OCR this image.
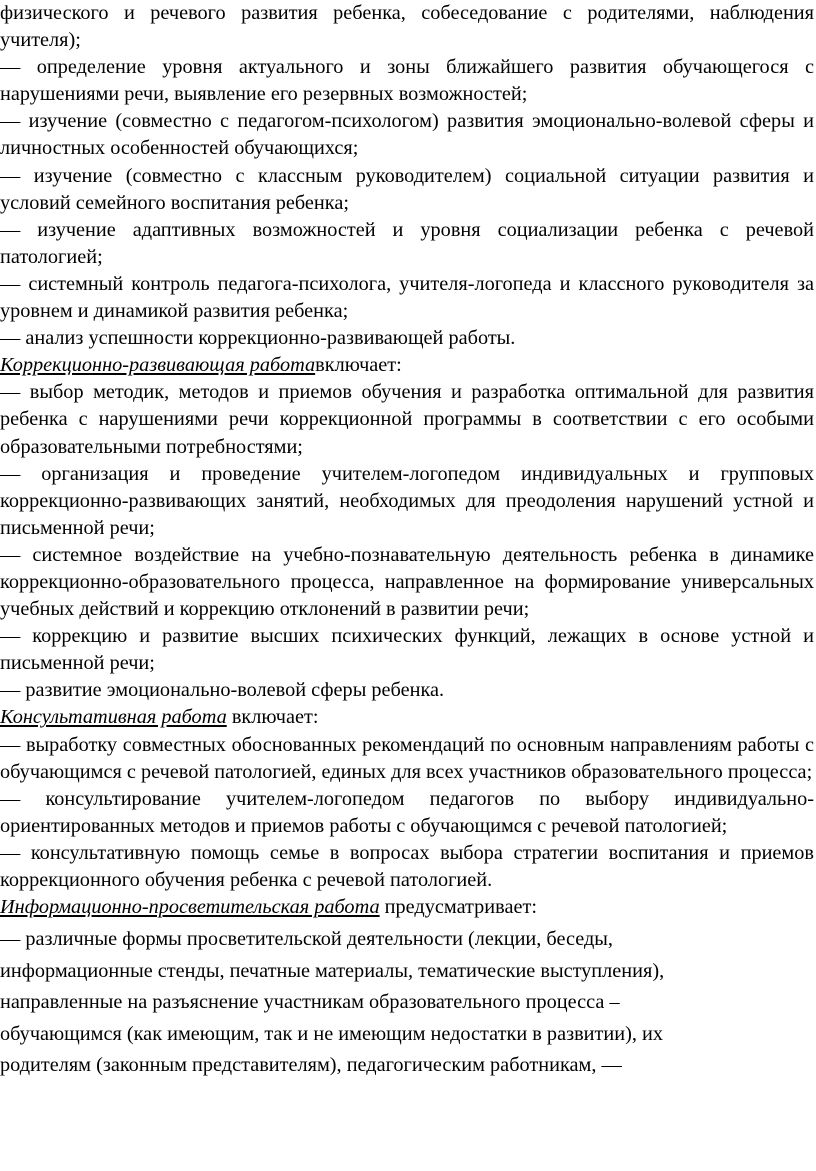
физического и речевого развития ребенка, собеседование с родителями, наблюдения учителя);

— определение уровня актуального и зоны ближайшего развития обучающегося с нарушениями речи, выявление его резервных возможностей;

— изучение (совместно с педагогом-психологом) развития эмоционально-волевой сферы и личностных особенностей обучающихся;

— изучение (совместно с классным руководителем) социальной ситуации развития и условий семейного воспитания ребенка;

— изучение адаптивных возможностей и уровня социализации ребенка с речевой патологией;

— системный контроль педагога-психолога, учителя-логопеда и классного руководителя за уровнем и динамикой развития ребенка;

— анализ успешности коррекционно-развивающей работы.

Коррекционно-развивающая работавключает:

— выбор методик, методов и приемов обучения и разработка оптимальной для развития ребенка с нарушениями речи коррекционной программы в соответствии с его особыми образовательными потребностями;

— организация и проведение учителем-логопедом индивидуальных и групповых коррекционно-развивающих занятий, необходимых для преодоления нарушений устной и письменной речи;

— системное воздействие на учебно-познавательную деятельность ребенка в динамике коррекционно-образовательного процесса, направленное на формирование универсальных учебных действий и коррекцию отклонений в развитии речи;

— коррекцию и развитие высших психических функций, лежащих в основе устной и письменной речи;

— развитие эмоционально-волевой сферы ребенка.

Консультативная работа включает:

— выработку совместных обоснованных рекомендаций по основным направлениям работы с обучающимся с речевой патологией, единых для всех участников образовательного процесса;

— консультирование учителем-логопедом педагогов по выбору индивидуально-ориентированных методов и приемов работы с обучающимся с речевой патологией;

— консультативную помощь семье в вопросах выбора стратегии воспитания и приемов коррекционного обучения ребенка с речевой патологией.

Информационно-просветительская работа предусматривает:

— различные формы просветительской деятельности (лекции, беседы,

информационные стенды, печатные материалы, тематические выступления),

направленные на разъяснение участникам образовательного процесса –

обучающимся (как имеющим, так и не имеющим недостатки в развитии), их

родителям (законным представителям), педагогическим работникам, —
